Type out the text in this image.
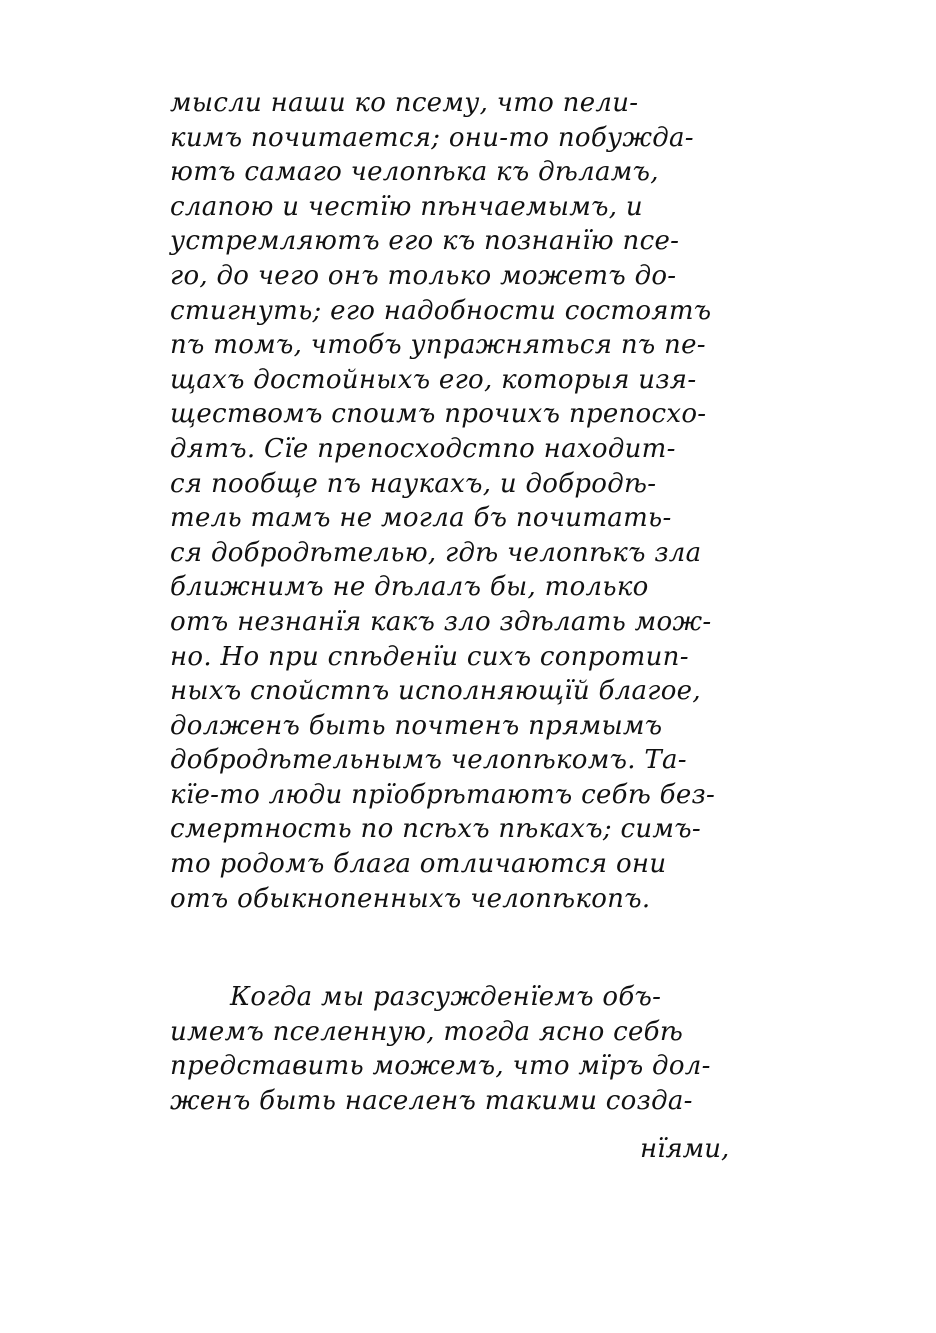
мысли наши ко псему, что пели-
кимъ почитается; они-то побужда-
ютъ самаго челопѣка къ дѣламъ,
слапою и честїю пѣнчаемымъ, и
устремляютъ его къ познанїю псе-
го, до чего онъ только можетъ до-
стигнуть; его надобности состоятъ
пъ томъ, чтобъ упражняться пъ пе-
щахъ достойныхъ его, которыя изя-
ществомъ споимъ прочихъ препосхо-
дятъ. Сїе препосходстпо находит-
ся пообще пъ наукахъ, и добродѣ-
тель тамъ не могла бъ почитать-
ся добродѣтелью, гдѣ челопѣкъ зла
ближнимъ не дѣлалъ бы, только
отъ незнанїя какъ зло здѣлать мож-
но. Но при спѣденїи сихъ сопротип-
ныхъ спойстпъ исполняющїй благое,
долженъ быть почтенъ прямымъ
добродѣтельнымъ челопѣкомъ. Та-
кїе-то люди прїобрѣтаютъ себѣ без-
смертность по псѣхъ пѣкахъ; симъ-
то родомъ блага отличаются они
отъ обыкнопенныхъ челопѣкопъ.
Когда мы разсужденїемъ объ-
имемъ пселенную, тогда ясно себѣ
представить можемъ, что мїръ дол-
женъ быть населенъ такими созда-
нїями,
